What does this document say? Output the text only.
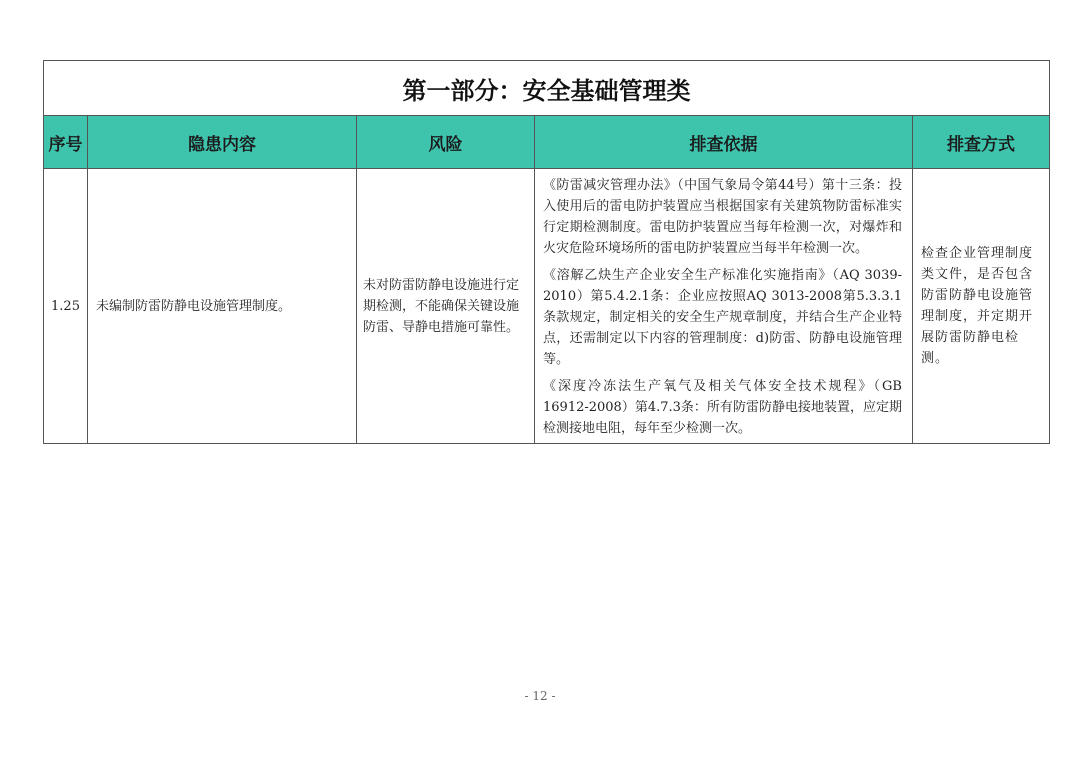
第一部分：安全基础管理类				
序号	隐患内容	风险	排查依据	排查方式
1.25	未编制防雷防静电设施管理制度。	未对防雷防静电设施进行定期检测，不能确保关键设施防雷、导静电措施可靠性。	《防雷减灾管理办法》（中国气象局令第44号）第十三条：投入使用后的雷电防护装置应当根据国家有关建筑物防雷标准实行定期检测制度。雷电防护装置应当每年检测一次，对爆炸和火灾危险环境场所的雷电防护装置应当每半年检测一次。

《溶解乙炔生产企业安全生产标准化实施指南》（AQ 3039-2010）第5.4.2.1条：企业应按照AQ 3013-2008第5.3.3.1条款规定，制定相关的安全生产规章制度，并结合生产企业特点，还需制定以下内容的管理制度：d)防雷、防静电设施管理等。

《深度冷冻法生产氧气及相关气体安全技术规程》（GB 16912-2008）第4.7.3条：所有防雷防静电接地装置，应定期检测接地电阻，每年至少检测一次。	检查企业管理制度类文件，是否包含防雷防静电设施管理制度，并定期开展防雷防静电检测。
- 12 -
